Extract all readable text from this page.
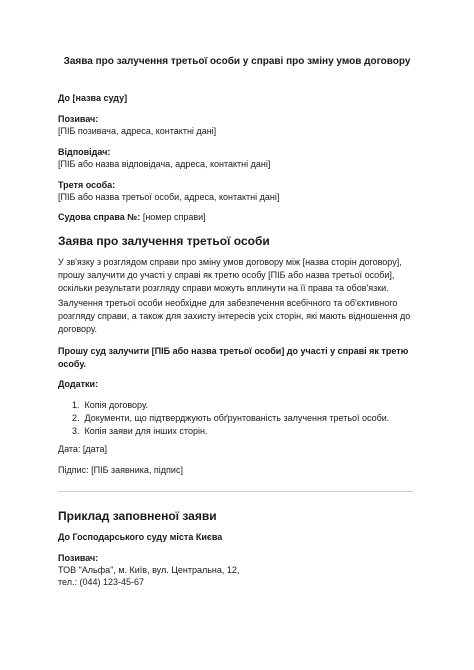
Заява про залучення третьої особи у справі про зміну умов договору
До [назва суду]
Позивач:
[ПІБ позивача, адреса, контактні дані]
Відповідач:
[ПІБ або назва відповідача, адреса, контактні дані]
Третя особа:
[ПІБ або назва третьої особи, адреса, контактні дані]
Судова справа №: [номер справи]
Заява про залучення третьої особи
У зв'язку з розглядом справи про зміну умов договору між [назва сторін договору], прошу залучити до участі у справі як третю особу [ПІБ або назва третьої особи], оскільки результати розгляду справи можуть вплинути на її права та обов'язки.
Залучення третьої особи необхідне для забезпечення всебічного та об'єктивного розгляду справи, а також для захисту інтересів усіх сторін, які мають відношення до договору.
Прошу суд залучити [ПІБ або назва третьої особи] до участі у справі як третю особу.
Додатки:
1. Копія договору.
2. Документи, що підтверджують обґрунтованість залучення третьої особи.
3. Копія заяви для інших сторін.
Дата: [дата]
Підпис: [ПІБ заявника, підпис]
Приклад заповненої заяви
До Господарського суду міста Києва
Позивач:
ТОВ "Альфа", м. Київ, вул. Центральна, 12,
тел.: (044) 123-45-67
